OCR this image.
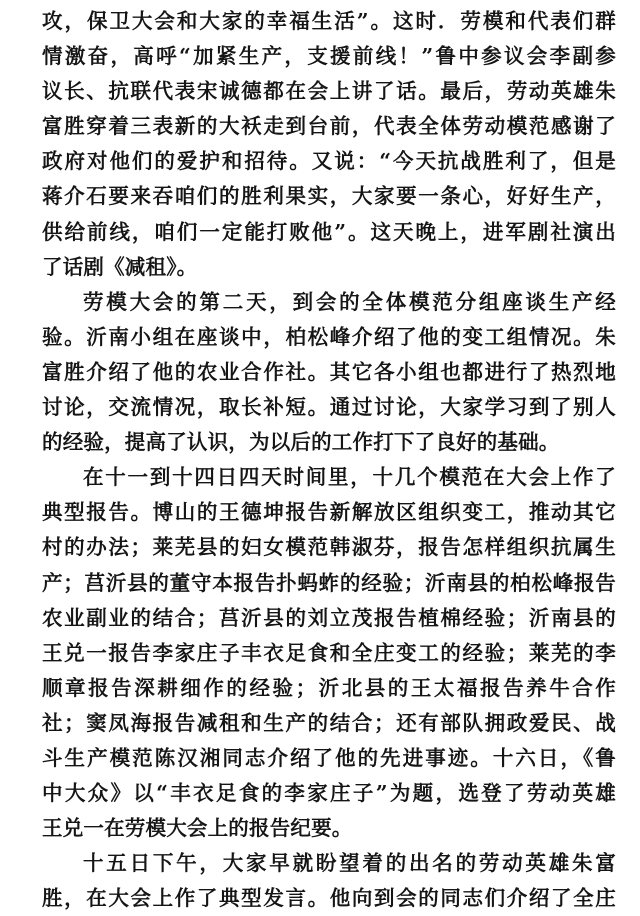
攻，保卫大会和大家的幸福生活”。这时．劳模和代表们群
情激奋，高呼“加紧生产，支援前线！”鲁中参议会李副参
议长、抗联代表宋诚德都在会上讲了话。最后，劳动英雄朱
富胜穿着三表新的大袄走到台前，代表全体劳动模范感谢了
政府对他们的爱护和招待。又说：“今天抗战胜利了，但是
蒋介石要来吞咱们的胜利果实，大家要一条心，好好生产，
供给前线，咱们一定能打败他”。这天晚上，进军剧社演出
了话剧《减租》。
劳模大会的第二天，到会的全体模范分组座谈生产经
验。沂南小组在座谈中，柏松峰介绍了他的变工组情况。朱
富胜介绍了他的农业合作社。其它各小组也都进行了热烈地
讨论，交流情况，取长补短。通过讨论，大家学习到了别人
的经验，提高了认识，为以后的工作打下了良好的基础。
在十一到十四日四天时间里，十几个模范在大会上作了
典型报告。博山的王德坤报告新解放区组织变工，推动其它
村的办法；莱芜县的妇女模范韩淑芬，报告怎样组织抗属生
产；莒沂县的董守本报告扑蚂蚱的经验；沂南县的柏松峰报告
农业副业的结合；莒沂县的刘立茂报告植棉经验；沂南县的
王兑一报告李家庄子丰衣足食和全庄变工的经验；莱芜的李
顺章报告深耕细作的经验；沂北县的王太福报告养牛合作
社；窦凤海报告减租和生产的结合；还有部队拥政爱民、战
斗生产模范陈汉湘同志介绍了他的先进事迹。十六日，《鲁
中大众》以“丰衣足食的李家庄子”为题，选登了劳动英雄
王兑一在劳模大会上的报告纪要。
十五日下午，大家早就盼望着的出名的劳动英雄朱富
胜，在大会上作了典型发言。他向到会的同志们介绍了全庄
